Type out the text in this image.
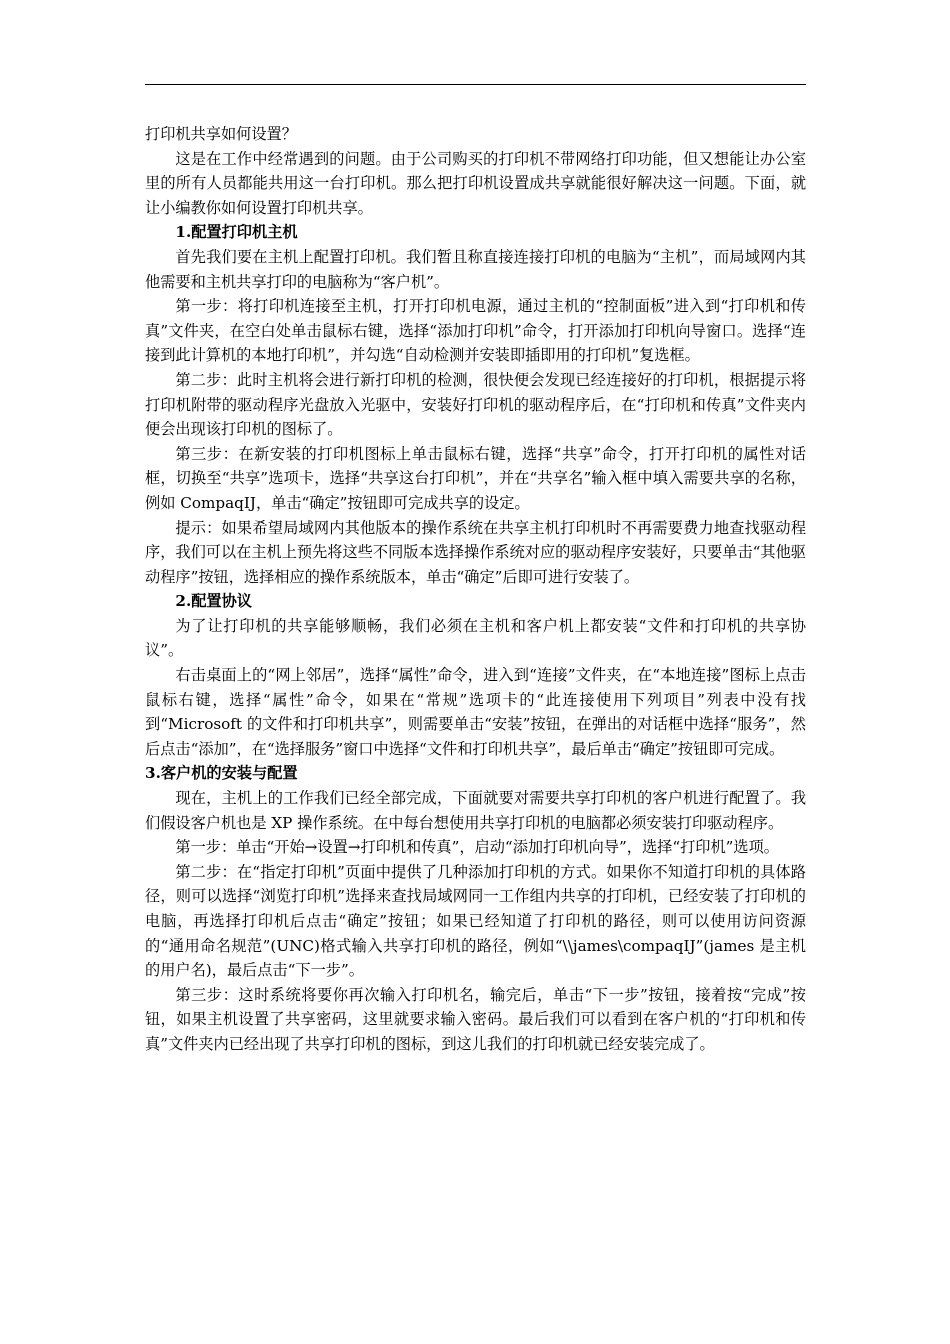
打印机共享如何设置？

这是在工作中经常遇到的问题。由于公司购买的打印机不带网络打印功能，但又想能让办公室里的所有人员都能共用这一台打印机。那么把打印机设置成共享就能很好解决这一问题。下面，就让小编教你如何设置打印机共享。

1.配置打印机主机

首先我们要在主机上配置打印机。我们暂且称直接连接打印机的电脑为“主机”，而局域网内其他需要和主机共享打印的电脑称为“客户机”。

第一步：将打印机连接至主机，打开打印机电源，通过主机的“控制面板”进入到“打印机和传真”文件夹，在空白处单击鼠标右键，选择“添加打印机”命令，打开添加打印机向导窗口。选择“连接到此计算机的本地打印机”，并勾选“自动检测并安装即插即用的打印机”复选框。

第二步：此时主机将会进行新打印机的检测，很快便会发现已经连接好的打印机，根据提示将打印机附带的驱动程序光盘放入光驱中，安装好打印机的驱动程序后，在“打印机和传真”文件夹内便会出现该打印机的图标了。

第三步：在新安装的打印机图标上单击鼠标右键，选择“共享”命令，打开打印机的属性对话框，切换至“共享”选项卡，选择“共享这台打印机”，并在“共享名”输入框中填入需要共享的名称，例如 CompaqIJ，单击“确定”按钮即可完成共享的设定。

提示：如果希望局域网内其他版本的操作系统在共享主机打印机时不再需要费力地查找驱动程序，我们可以在主机上预先将这些不同版本选择操作系统对应的驱动程序安装好，只要单击“其他驱动程序”按钮，选择相应的操作系统版本，单击“确定”后即可进行安装了。

2.配置协议

为了让打印机的共享能够顺畅，我们必须在主机和客户机上都安装“文件和打印机的共享协议”。

右击桌面上的“网上邻居”，选择“属性”命令，进入到“连接”文件夹，在“本地连接”图标上点击鼠标右键，选择“属性”命令，如果在“常规”选项卡的“此连接使用下列项目”列表中没有找到“Microsoft 的文件和打印机共享”，则需要单击“安装”按钮，在弹出的对话框中选择“服务”，然后点击“添加”，在“选择服务”窗口中选择“文件和打印机共享”，最后单击“确定”按钮即可完成。

3.客户机的安装与配置

现在，主机上的工作我们已经全部完成，下面就要对需要共享打印机的客户机进行配置了。我们假设客户机也是 XP 操作系统。在中每台想使用共享打印机的电脑都必须安装打印驱动程序。

第一步：单击“开始→设置→打印机和传真”，启动“添加打印机向导”，选择“打印机”选项。

第二步：在“指定打印机”页面中提供了几种添加打印机的方式。如果你不知道打印机的具体路径，则可以选择“浏览打印机”选择来查找局域网同一工作组内共享的打印机，已经安装了打印机的电脑，再选择打印机后点击“确定”按钮；如果已经知道了打印机的路径，则可以使用访问资源的“通用命名规范”(UNC)格式输入共享打印机的路径，例如“\\james\compaqIJ”(james 是主机的用户名)，最后点击“下一步”。

第三步：这时系统将要你再次输入打印机名，输完后，单击“下一步”按钮，接着按“完成”按钮，如果主机设置了共享密码，这里就要求输入密码。最后我们可以看到在客户机的“打印机和传真”文件夹内已经出现了共享打印机的图标，到这儿我们的打印机就已经安装完成了。
